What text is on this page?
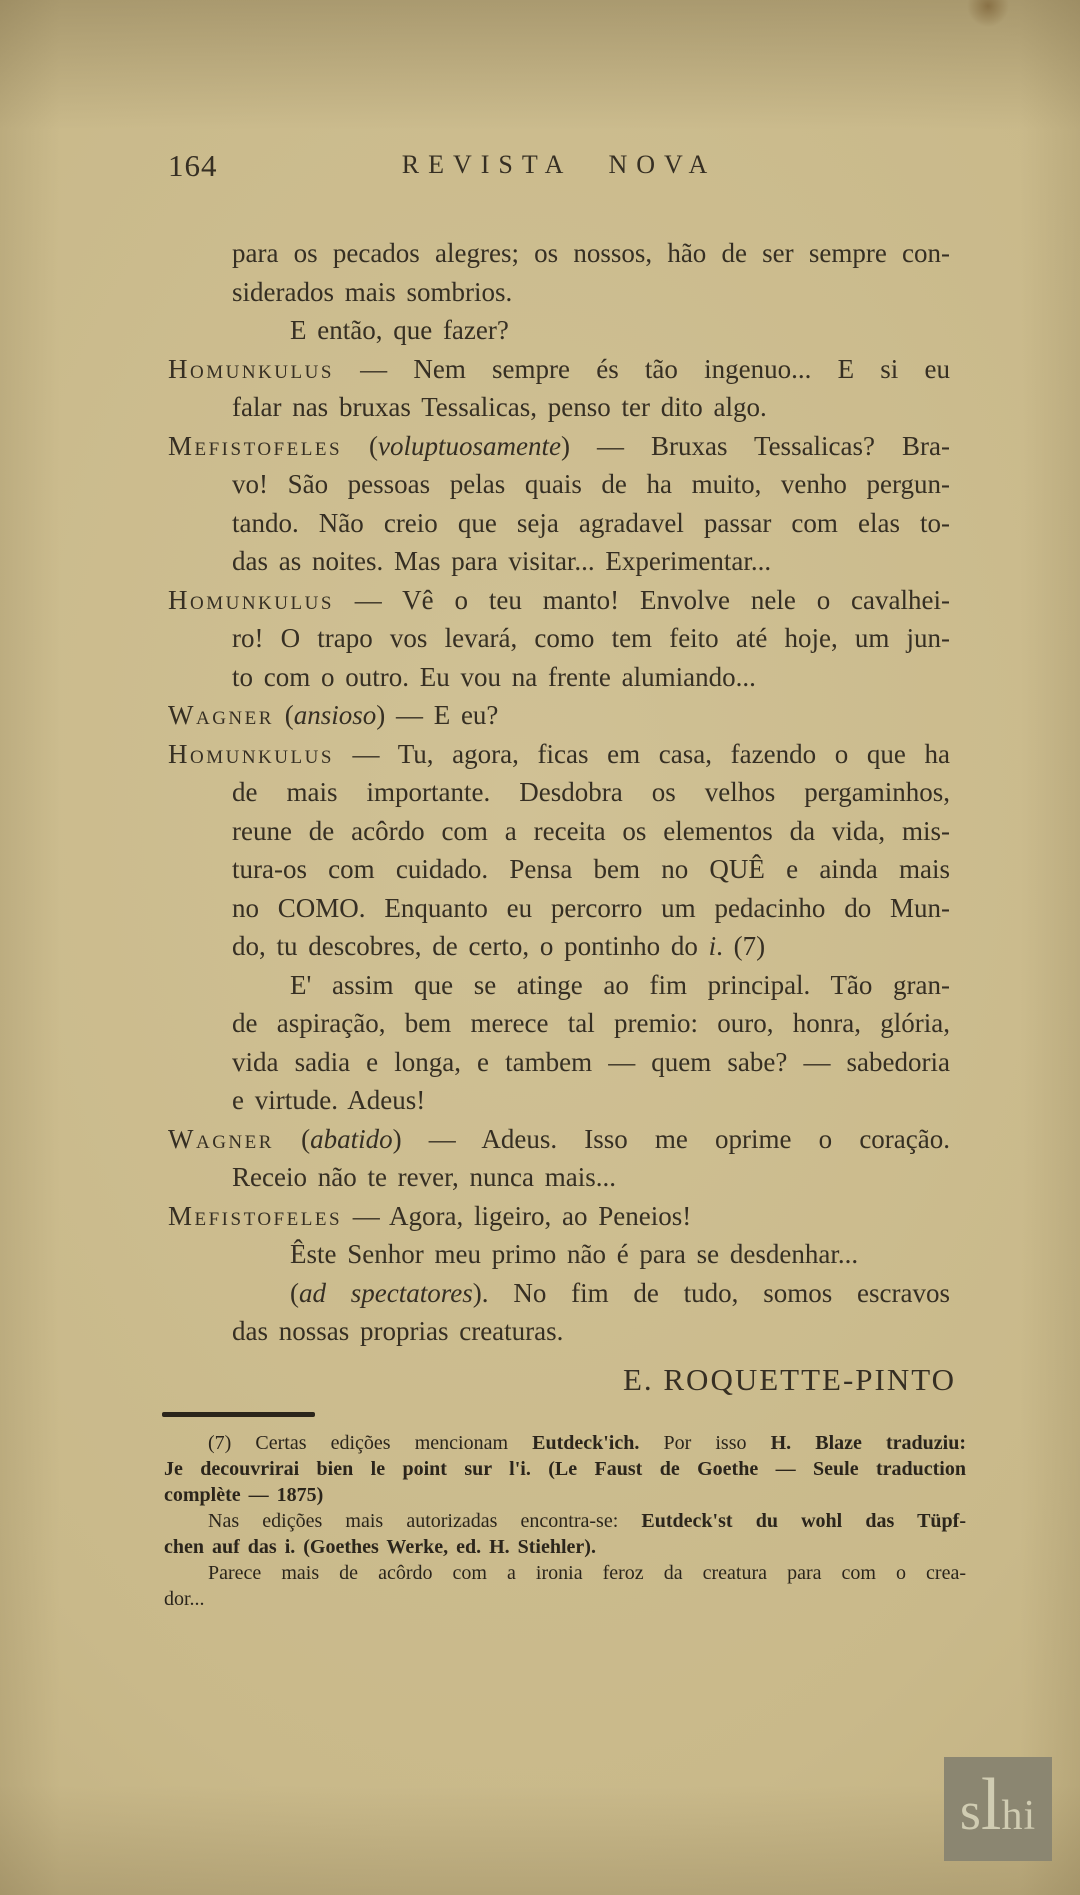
164	REVISTA NOVA
para os pecados alegres; os nossos, hão de ser sempre con-
siderados mais sombrios.
E então, que fazer?
Homunkulus — Nem sempre és tão ingenuo... E si eu
falar nas bruxas Tessalicas, penso ter dito algo.
Mefistofeles (voluptuosamente) — Bruxas Tessalicas? Bra-
vo! São pessoas pelas quais de ha muito, venho pergun-
tando. Não creio que seja agradavel passar com elas to-
das as noites. Mas para visitar... Experimentar...
Homunkulus — Vê o teu manto! Envolve nele o cavalhei-
ro! O trapo vos levará, como tem feito até hoje, um jun-
to com o outro. Eu vou na frente alumiando...
Wagner (ansioso) — E eu?
Homunkulus — Tu, agora, ficas em casa, fazendo o que ha
de mais importante. Desdobra os velhos pergaminhos,
reune de acôrdo com a receita os elementos da vida, mis-
tura-os com cuidado. Pensa bem no QUÊ e ainda mais
no COMO. Enquanto eu percorro um pedacinho do Mun-
do, tu descobres, de certo, o pontinho do i. (7)
E' assim que se atinge ao fim principal. Tão gran-
de aspiração, bem merece tal premio: ouro, honra, glória,
vida sadia e longa, e tambem — quem sabe? — sabedoria
e virtude. Adeus!
Wagner (abatido) — Adeus. Isso me oprime o coração.
Receio não te rever, nunca mais...
Mefistofeles — Agora, ligeiro, ao Peneios!
Êste Senhor meu primo não é para se desdenhar...
(ad spectatores). No fim de tudo, somos escravos
das nossas proprias creaturas.
E. ROQUETTE-PINTO
(7) Certas edições mencionam Eutdeck'ich. Por isso H. Blaze traduziu:
Je decouvrirai bien le point sur l'i. (Le Faust de Goethe — Seule traduction
complète — 1875)
Nas edições mais autorizadas encontra-se: Eutdeck'st du wohl das Tüpf-
chen auf das i. (Goethes Werke, ed. H. Stiehler).
Parece mais de acôrdo com a ironia feroz da creatura para com o crea-
dor...
slhi
